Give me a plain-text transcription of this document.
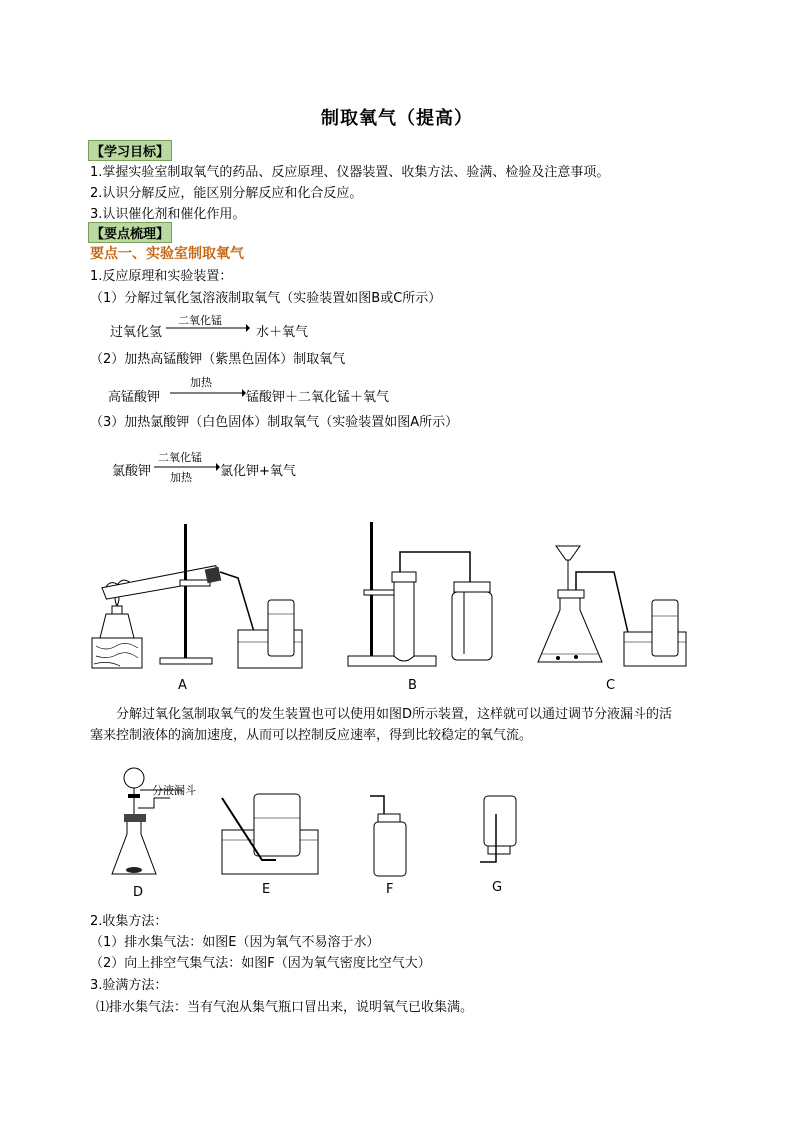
制取氧气（提高）
【学习目标】
1.掌握实验室制取氧气的药品、反应原理、仪器装置、收集方法、验满、检验及注意事项。
2.认识分解反应，能区别分解反应和化合反应。
3.认识催化剂和催化作用。
【要点梳理】
要点一、实验室制取氧气
1.反应原理和实验装置：
（1）分解过氧化氢溶液制取氧气（实验装置如图B或C所示）
过氧化氢
二氧化锰
水＋氧气
（2）加热高锰酸钾（紫黑色固体）制取氧气
高锰酸钾
加热
锰酸钾＋二氧化锰＋氧气
（3）加热氯酸钾（白色固体）制取氧气（实验装置如图A所示）
氯酸钾
二氧化锰
加热 氯化钾+氧气
A	B	C
分解过氧化氢制取氧气的发生装置也可以使用如图D所示装置，这样就可以通过调节分液漏斗的活
塞来控制液体的滴加速度，从而可以控制反应速率，得到比较稳定的氧气流。
分液漏斗
D	E	F	G
2.收集方法：
（1）排水集气法：如图E（因为氧气不易溶于水）
（2）向上排空气集气法：如图F（因为氧气密度比空气大）
3.验满方法：
⑴排水集气法：当有气泡从集气瓶口冒出来，说明氧气已收集满。
